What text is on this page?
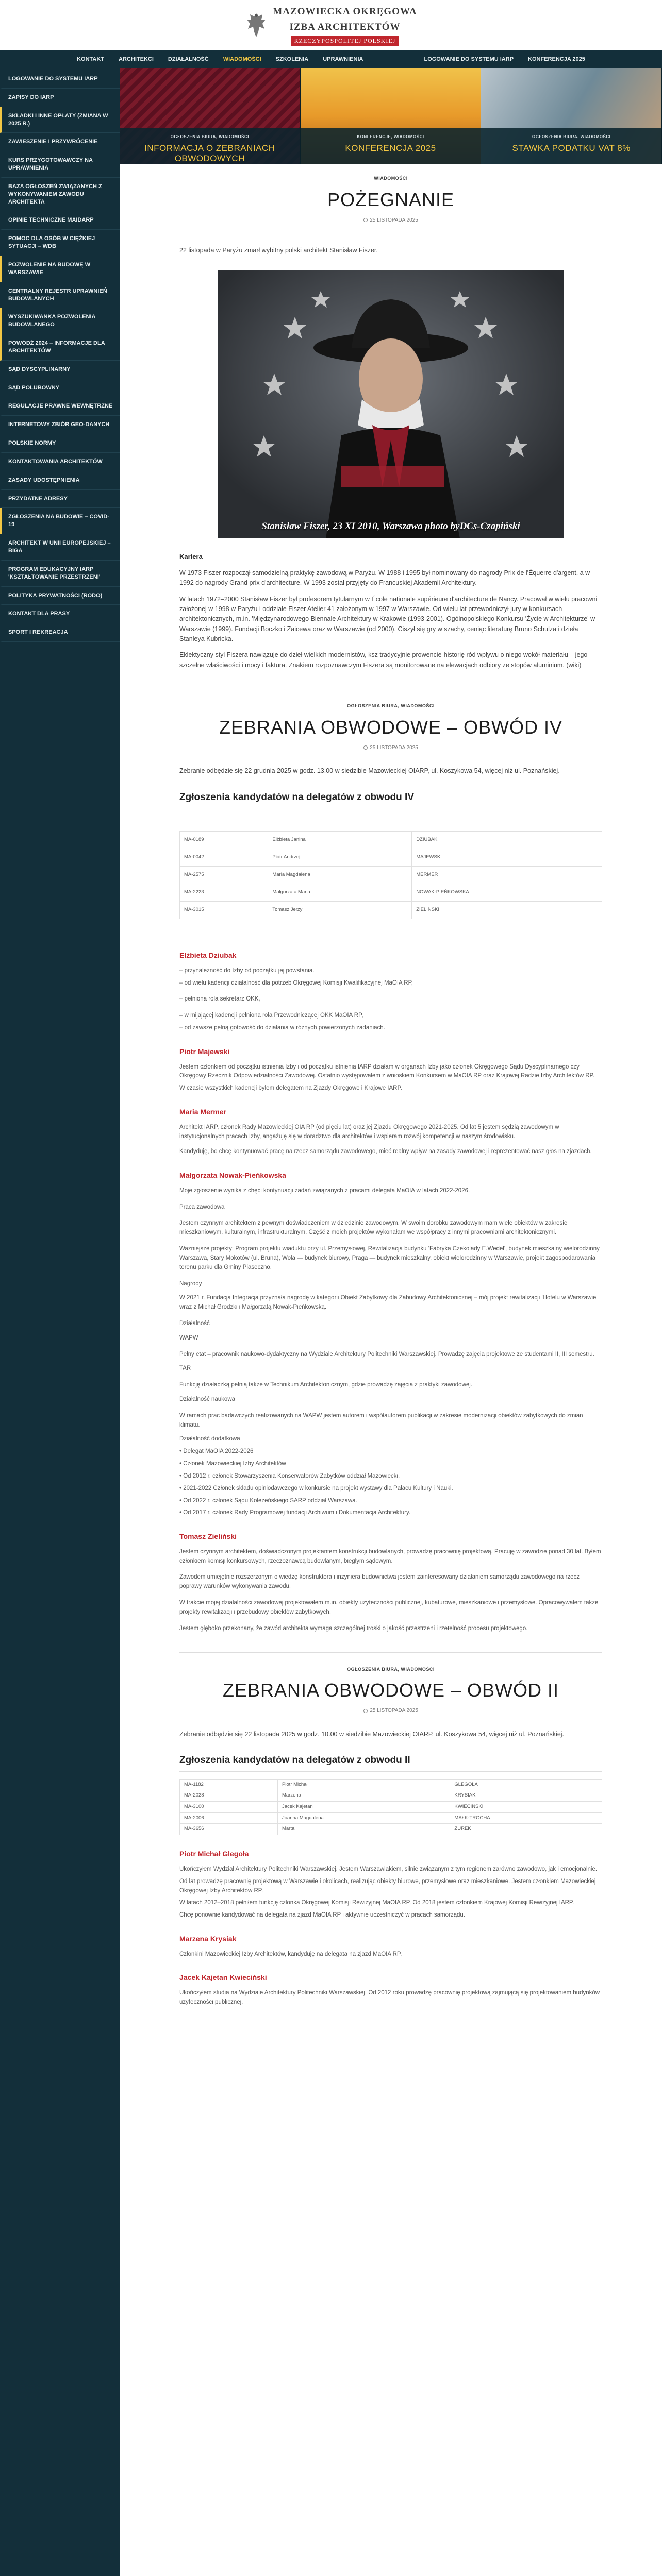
MAZOWIECKA OKRĘGOWA
IZBA ARCHITEKTÓW
RZECZYPOSPOLITEJ POLSKIEJ
KONTAKT	ARCHITEKCI	DZIAŁALNOŚĆ	WIADOMOŚCI	SZKOLENIA	UPRAWNIENIA	LOGOWANIE DO SYSTEMU IARP	KONFERENCJA 2025
LOGOWANIE DO SYSTEMU IARP
ZAPISY DO IARP
SKŁADKI I INNE OPŁATY (ZMIANA W 2025 R.)
ZAWIESZENIE I PRZYWRÓCENIE
KURS PRZYGOTOWAWCZY NA UPRAWNIENIA
BAZA OGŁOSZEŃ ZWIĄZANYCH Z WYKONYWANIEM ZAWODU ARCHITEKTA
OPINIE TECHNICZNE MAIDARP
POMOC DLA OSÓB W CIĘŻKIEJ SYTUACJI – WDB
POZWOLENIE NA BUDOWĘ W WARSZAWIE
CENTRALNY REJESTR UPRAWNIEŃ BUDOWLANYCH
WYSZUKIWANKA POZWOLENIA BUDOWLANEGO
POWÓDŹ 2024 – INFORMACJE DLA ARCHITEKTÓW
SĄD DYSCYPLINARNY
SĄD POLUBOWNY
REGULACJE PRAWNE WEWNĘTRZNE
INTERNETOWY ZBIÓR GEO-DANYCH
POLSKIE NORMY
KONTAKTOWANIA ARCHITEKTÓW
ZASADY UDOSTĘPNIENIA
PRZYDATNE ADRESY
ZGŁOSZENIA NA BUDOWIE – COVID-19
ARCHITEKT W UNII EUROPEJSKIEJ – BIGA
PROGRAM EDUKACYJNY IARP 'KSZTAŁTOWANIE PRZESTRZENI'
POLITYKA PRYWATNOŚCI (RODO)
KONTAKT DLA PRASY
SPORT I REKREACJA
OGŁOSZENIA BIURA, WIADOMOŚCI
INFORMACJA O ZEBRANIACH OBWODOWYCH
KONFERENCJE, WIADOMOŚCI
KONFERENCJA 2025
OGŁOSZENIA BIURA, WIADOMOŚCI
STAWKA PODATKU VAT 8%
WIADOMOŚCI
POŻEGNANIE
25 LISTOPADA 2025

22 listopada w Paryżu zmarł wybitny polski architekt Stanisław Fiszer.

Stanisław Fiszer, 23 XI 2010, Warszawa photo byDCs-Czapiński
Kariera

W 1973 Fiszer rozpoczął samodzielną praktykę zawodową w Paryżu. W 1988 i 1995 był nominowany do nagrody Prix de l'Équerre d'argent, a w 1992 do nagrody Grand prix d'architecture. W 1993 został przyjęty do Francuskiej Akademii Architektury.

W latach 1972–2000 Stanisław Fiszer był profesorem tytularnym w École nationale supérieure d'architecture de Nancy. Pracował w wielu pracowni założonej w 1998 w Paryżu i oddziale Fiszer Atelier 41 założonym w 1997 w Warszawie. Od wielu lat przewodniczył jury w konkursach architektonicznych, m.in. 'Międzynarodowego Biennale Architektury w Krakowie (1993-2001). Ogólnopolskiego Konkursu 'Życie w Architekturze' w Warszawie (1999). Fundacji Boczko i Zaicewa oraz w Warszawie (od 2000). Ciszył się gry w szachy, ceniąc literaturę Bruno Schulza i dzieła Stanleya Kubricka.

Eklektyczny styl Fiszera nawiązuje do dzieł wielkich modernistów, ksz tradycyjnie prowencie-historię ród wpływu o niego wokół materiału – jego szczelne właściwości i mocy i faktura. Znakiem rozpoznawczym Fiszera są monitorowane na elewacjach odbiory ze stopów aluminium. (wiki)

OGŁOSZENIA BIURA, WIADOMOŚCI
ZEBRANIA OBWODOWE – OBWÓD IV
25 LISTOPADA 2025

Zebranie odbędzie się 22 grudnia 2025 w godz. 13.00 w siedzibie Mazowieckiej OIARP, ul. Koszykowa 54, więcej niż ul. Poznańskiej.

Zgłoszenia kandydatów na delegatów z obwodu IV
MA-0189	Elżbieta Janina	DZIUBAK
MA-0042	Piotr Andrzej	MAJEWSKI
MA-2575	Maria Magdalena	MERMER
MA-2223	Małgorzata Maria	NOWAK-PIEŃKOWSKA
MA-3015	Tomasz Jerzy	ZIELIŃSKI
Elżbieta Dziubak
– przynależność do Izby od początku jej powstania.
– od wielu kadencji działalność dla potrzeb Okręgowej Komisji Kwalifikacyjnej MaOIA RP,
– pełniona rola sekretarz OKK,
– w mijającej kadencji pełniona rola Przewodniczącej OKK MaOIA RP,
– od zawsze pełną gotowość do działania w różnych powierzonych zadaniach.
Piotr Majewski
Jestem członkiem od początku istnienia Izby i od początku istnienia IARP działam w organach Izby jako członek Okręgowego Sądu Dyscyplinarnego czy Okręgowy Rzecznik Odpowiedzialności Zawodowej. Ostatnio występowałem z wnioskiem Konkursem w MaOIA RP oraz Krajowej Radzie Izby Architektów RP.
W czasie wszystkich kadencji byłem delegatem na Zjazdy Okręgowe i Krajowe IARP.
Maria Mermer
Architekt IARP, członek Rady Mazowieckiej OIA RP (od pięciu lat) oraz jej Zjazdu Okręgowego 2021-2025. Od lat 5 jestem sędzią zawodowym w instytucjonalnych pracach Izby, angażuję się w doradztwo dla architektów i wspieram rozwój kompetencji w naszym środowisku.
Kandyduję, bo chcę kontynuować pracę na rzecz samorządu zawodowego, mieć realny wpływ na zasady zawodowej i reprezentować nasz głos na zjazdach.
Małgorzata Nowak-Pieńkowska
Moje zgłoszenie wynika z chęci kontynuacji zadań związanych z pracami delegata MaOIA w latach 2022-2026.
Praca zawodowa
Jestem czynnym architektem z pewnym doświadczeniem w dziedzinie zawodowym. W swoim dorobku zawodowym mam wiele obiektów w zakresie mieszkaniowym, kulturalnym, infrastrukturalnym. Część z moich projektów wykonałam we współpracy z innymi pracowniami architektonicznymi.
Ważniejsze projekty: Program projektu wiaduktu przy ul. Przemysłowej, Rewitalizacja budynku 'Fabryka Czekolady E.Wedel', budynek mieszkalny wielorodzinny Warszawa, Stary Mokotów (ul. Bruna), Wola — budynek biurowy, Praga — budynek mieszkalny, obiekt wielorodzinny w Warszawie, projekt zagospodarowania terenu parku dla Gminy Piaseczno.
Nagrody
W 2021 r. Fundacja Integracja przyznała nagrodę w kategorii Obiekt Zabytkowy dla Zabudowy Architektonicznej – mój projekt rewitalizacji 'Hotelu w Warszawie' wraz z Michał Grodzki i Małgorzatą Nowak-Pieńkowską.
Działalność
WAPW
Pełny etat – pracownik naukowo-dydaktyczny na Wydziale Architektury Politechniki Warszawskiej. Prowadzę zajęcia projektowe ze studentami II, III semestru.
TAR
Funkcję działaczką pełnią także w Technikum Architektonicznym, gdzie prowadzę zajęcia z praktyki zawodowej.
Działalność naukowa
W ramach prac badawczych realizowanych na WAPW jestem autorem i współautorem publikacji w zakresie modernizacji obiektów zabytkowych do zmian klimatu.
Działalność dodatkowa
• Delegat MaOIA 2022-2026
• Członek Mazowieckiej Izby Architektów
• Od 2012 r. członek Stowarzyszenia Konserwatorów Zabytków oddział Mazowiecki.
• 2021-2022 Członek składu opiniodawczego w konkursie na projekt wystawy dla Pałacu Kultury i Nauki.
• Od 2022 r. członek Sądu Koleżeńskiego SARP oddział Warszawa.
• Od 2017 r. członek Rady Programowej fundacji Archiwum i Dokumentacja Architektury.
Tomasz Zieliński
Jestem czynnym architektem, doświadczonym projektantem konstrukcji budowlanych, prowadzę pracownię projektową. Pracuję w zawodzie ponad 30 lat. Byłem członkiem komisji konkursowych, rzeczoznawcą budowlanym, biegłym sądowym.
Zawodem umiejętnie rozszerzonym o wiedzę konstruktora i inżyniera budownictwa jestem zainteresowany działaniem samorządu zawodowego na rzecz poprawy warunków wykonywania zawodu.
W trakcie mojej działalności zawodowej projektowałem m.in. obiekty użyteczności publicznej, kubaturowe, mieszkaniowe i przemysłowe. Opracowywałem także projekty rewitalizacji i przebudowy obiektów zabytkowych.
Jestem głęboko przekonany, że zawód architekta wymaga szczególnej troski o jakość przestrzeni i rzetelność procesu projektowego.
OGŁOSZENIA BIURA, WIADOMOŚCI
ZEBRANIA OBWODOWE – OBWÓD II
25 LISTOPADA 2025

Zebranie odbędzie się 22 listopada 2025 w godz. 10.00 w siedzibie Mazowieckiej OIARP, ul. Koszykowa 54, więcej niż ul. Poznańskiej.

Zgłoszenia kandydatów na delegatów z obwodu II
MA-1182	Piotr Michał	GLEGOŁA
MA-2028	Marzena	KRYSIAK
MA-3100	Jacek Kajetan	KWIECIŃSKI
MA-2006	Joanna Magdalena	MAŁK-TROCHA
MA-3656	Marta	ŻUREK
Piotr Michał Glegoła
Ukończyłem Wydział Architektury Politechniki Warszawskiej. Jestem Warszawiakiem, silnie związanym z tym regionem zarówno zawodowo, jak i emocjonalnie.
Od lat prowadzę pracownię projektową w Warszawie i okolicach, realizując obiekty biurowe, przemysłowe oraz mieszkaniowe. Jestem członkiem Mazowieckiej Okręgowej Izby Architektów RP.
W latach 2012–2018 pełniłem funkcję członka Okręgowej Komisji Rewizyjnej MaOIA RP. Od 2018 jestem członkiem Krajowej Komisji Rewizyjnej IARP.
Chcę ponownie kandydować na delegata na zjazd MaOIA RP i aktywnie uczestniczyć w pracach samorządu.
Marzena Krysiak
Członkini Mazowieckiej Izby Architektów, kandyduję na delegata na zjazd MaOIA RP.
Jacek Kajetan Kwieciński
Ukończyłem studia na Wydziale Architektury Politechniki Warszawskiej. Od 2012 roku prowadzę pracownię projektową zajmującą się projektowaniem budynków użyteczności publicznej.
